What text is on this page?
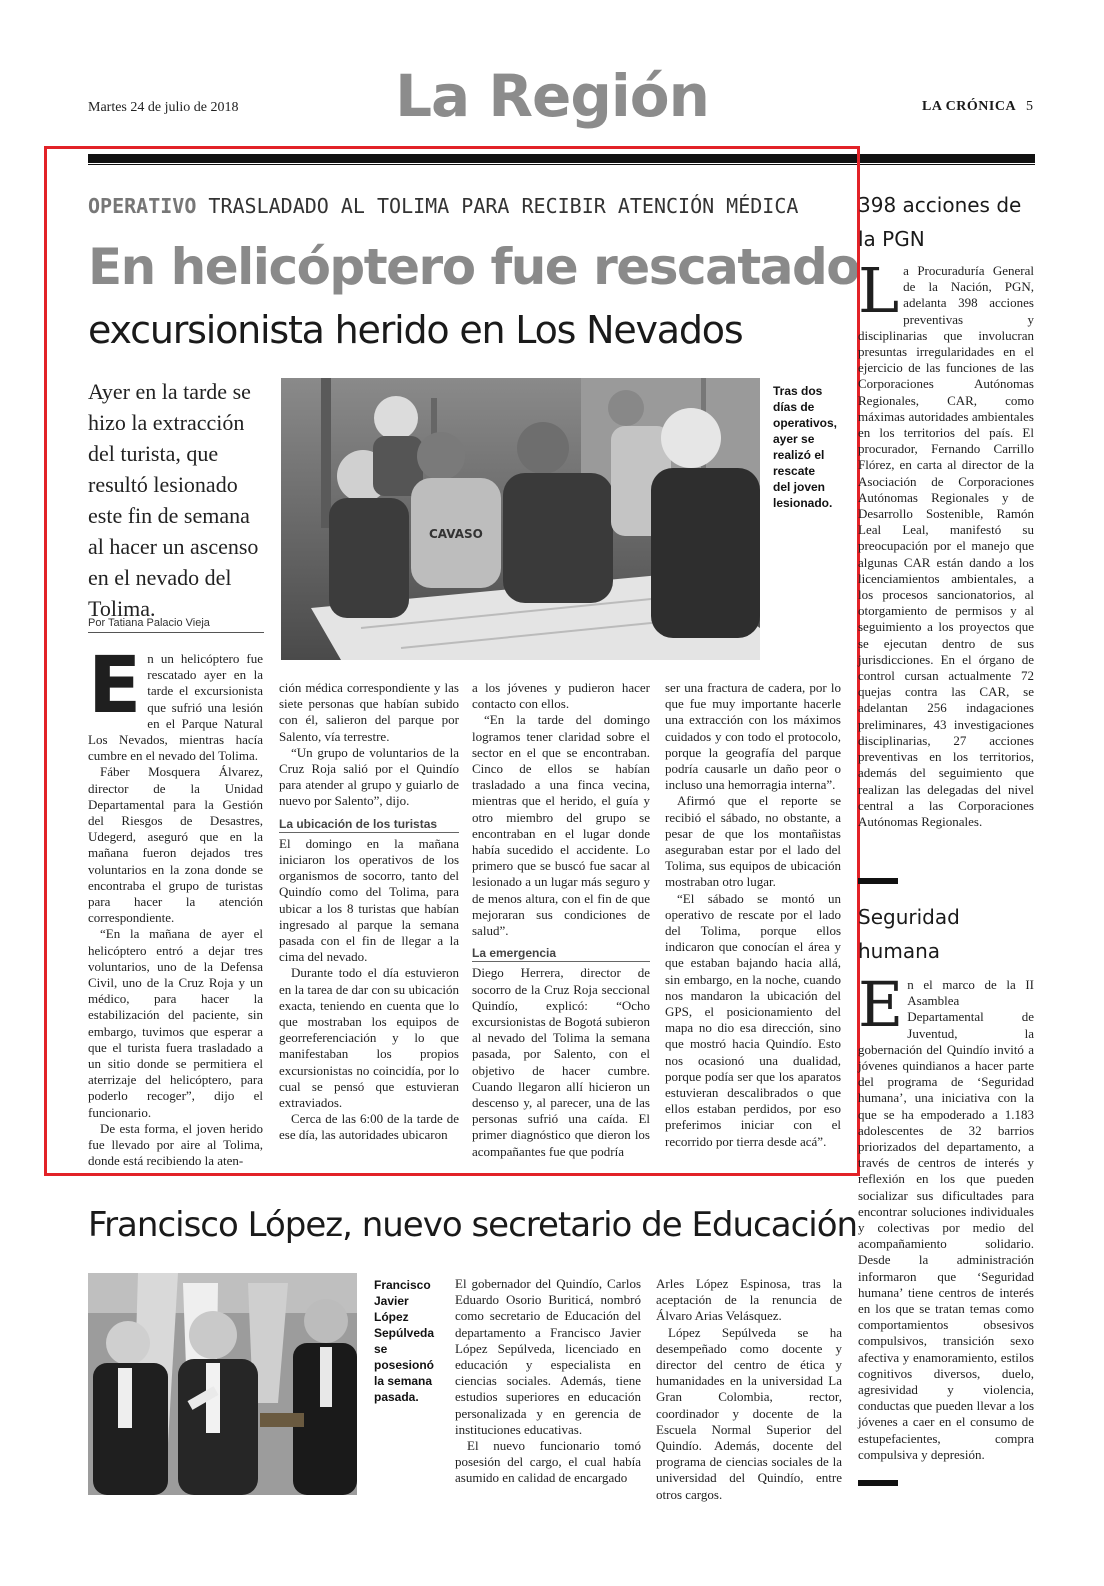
Martes 24 de julio de 2018	La Región	LA CRÓNICA 5
OPERATIVO TRASLADADO AL TOLIMA PARA RECIBIR ATENCIÓN MÉDICA
En helicóptero fue rescatado
excursionista herido en Los Nevados
Ayer en la tarde se hizo la extracción del turista, que resultó lesionado este fin de semana al hacer un ascenso en el nevado del Tolima.
Por Tatiana Palacio Vieja
CAVASO
Tras dos días de operativos, ayer se realizó el rescate del joven lesionado.

En un helicóptero fue rescatado ayer en la tarde el excursionista que sufrió una lesión en el Parque Natural Los Nevados, mientras hacía cumbre en el nevado del Tolima.

Fáber Mosquera Álvarez, director de la Unidad Departamental para la Gestión del Riesgos de Desastres, Udegerd, aseguró que en la mañana fueron dejados tres voluntarios en la zona donde se encontraba el grupo de turistas para hacer la atención correspondiente.

“En la mañana de ayer el helicóptero entró a dejar tres voluntarios, uno de la Defensa Civil, uno de la Cruz Roja y un médico, para hacer la estabilización del paciente, sin embargo, tuvimos que esperar a que el turista fuera trasladado a un sitio donde se permitiera el aterrizaje del helicóptero, para poderlo recoger”, dijo el funcionario.

De esta forma, el joven herido fue llevado por aire al Tolima, donde está recibiendo la aten-

ción médica correspondiente y las siete personas que habían subido con él, salieron del parque por Salento, vía terrestre.

“Un grupo de voluntarios de la Cruz Roja salió por el Quindío para atender al grupo y guiarlo de nuevo por Salento”, dijo.

La ubicación de los turistas

El domingo en la mañana iniciaron los operativos de los organismos de socorro, tanto del Quindío como del Tolima, para ubicar a los 8 turistas que habían ingresado al parque la semana pasada con el fin de llegar a la cima del nevado.

Durante todo el día estuvieron en la tarea de dar con su ubicación exacta, teniendo en cuenta que lo que mostraban los equipos de georreferenciación y lo que manifestaban los propios excursionistas no coincidía, por lo cual se pensó que estuvieran extraviados.

Cerca de las 6:00 de la tarde de ese día, las autoridades ubicaron

a los jóvenes y pudieron hacer contacto con ellos.

“En la tarde del domingo logramos tener claridad sobre el sector en el que se encontraban. Cinco de ellos se habían trasladado a una finca vecina, mientras que el herido, el guía y otro miembro del grupo se encontraban en el lugar donde había sucedido el accidente. Lo primero que se buscó fue sacar al lesionado a un lugar más seguro y de menos altura, con el fin de que mejoraran sus condiciones de salud”.

La emergencia

Diego Herrera, director de socorro de la Cruz Roja seccional Quindío, explicó: “Ocho excursionistas de Bogotá subieron al nevado del Tolima la semana pasada, por Salento, con el objetivo de hacer cumbre. Cuando llegaron allí hicieron un descenso y, al parecer, una de las personas sufrió una caída. El primer diagnóstico que dieron los acompañantes fue que podría

ser una fractura de cadera, por lo que fue muy importante hacerle una extracción con los máximos cuidados y con todo el protocolo, porque la geografía del parque podría causarle un daño peor o incluso una hemorragia interna”.

Afirmó que el reporte se recibió el sábado, no obstante, a pesar de que los montañistas aseguraban estar por el lado del Tolima, sus equipos de ubicación mostraban otro lugar.

“El sábado se montó un operativo de rescate por el lado del Tolima, porque ellos indicaron que conocían el área y que estaban bajando hacia allá, sin embargo, en la noche, cuando nos mandaron la ubicación del GPS, el posicionamiento del mapa no dio esa dirección, sino que mostró hacia Quindío. Esto nos ocasionó una dualidad, porque podía ser que los aparatos estuvieran descalibrados o que ellos estaban perdidos, por eso preferimos iniciar con el recorrido por tierra desde acá”.

398 acciones de la PGN

La Procuraduría General de la Nación, PGN, adelanta 398 acciones preventivas y disciplinarias que involucran presuntas irregularidades en el ejercicio de las funciones de las Corporaciones Autónomas Regionales, CAR, como máximas autoridades ambientales en los territorios del país. El procurador, Fernando Carrillo Flórez, en carta al director de la Asociación de Corporaciones Autónomas Regionales y de Desarrollo Sostenible, Ramón Leal Leal, manifestó su preocupación por el manejo que algunas CAR están dando a los licenciamientos ambientales, a los procesos sancionatorios, al otorgamiento de permisos y al seguimiento a los proyectos que se ejecutan dentro de sus jurisdicciones. En el órgano de control cursan actualmente 72 quejas contra las CAR, se adelantan 256 indagaciones preliminares, 43 investigaciones disciplinarias, 27 acciones preventivas en los territorios, además del seguimiento que realizan las delegadas del nivel central a las Corporaciones Autónomas Regionales.

Seguridad humana

En el marco de la II Asamblea Departamental de Juventud, la gobernación del Quindío invitó a jóvenes quindianos a hacer parte del programa de ‘Seguridad humana’, una iniciativa con la que se ha empoderado a 1.183 adolescentes de 32 barrios priorizados del departamento, a través de centros de interés y reflexión en los que pueden socializar sus dificultades para encontrar soluciones individuales y colectivas por medio del acompañamiento solidario. Desde la administración informaron que ‘Seguridad humana’ tiene centros de interés en los que se tratan temas como comportamientos obsesivos compulsivos, transición sexo afectiva y enamoramiento, estilos cognitivos diversos, duelo, agresividad y violencia, conductas que pueden llevar a los jóvenes a caer en el consumo de estupefacientes, compra compulsiva y depresión.

Francisco López, nuevo secretario de Educación
Francisco Javier López Sepúlveda se posesionó la semana pasada.

El gobernador del Quindío, Carlos Eduardo Osorio Buriticá, nombró como secretario de Educación del departamento a Francisco Javier López Sepúlveda, licenciado en educación y especialista en ciencias sociales. Además, tiene estudios superiores en educación personalizada y en gerencia de instituciones educativas.

El nuevo funcionario tomó posesión del cargo, el cual había asumido en calidad de encargado

Arles López Espinosa, tras la aceptación de la renuncia de Álvaro Arias Velásquez.

López Sepúlveda se ha desempeñado como docente y director del centro de ética y humanidades en la universidad La Gran Colombia, rector, coordinador y docente de la Escuela Normal Superior del Quindío. Además, docente del programa de ciencias sociales de la universidad del Quindío, entre otros cargos.
